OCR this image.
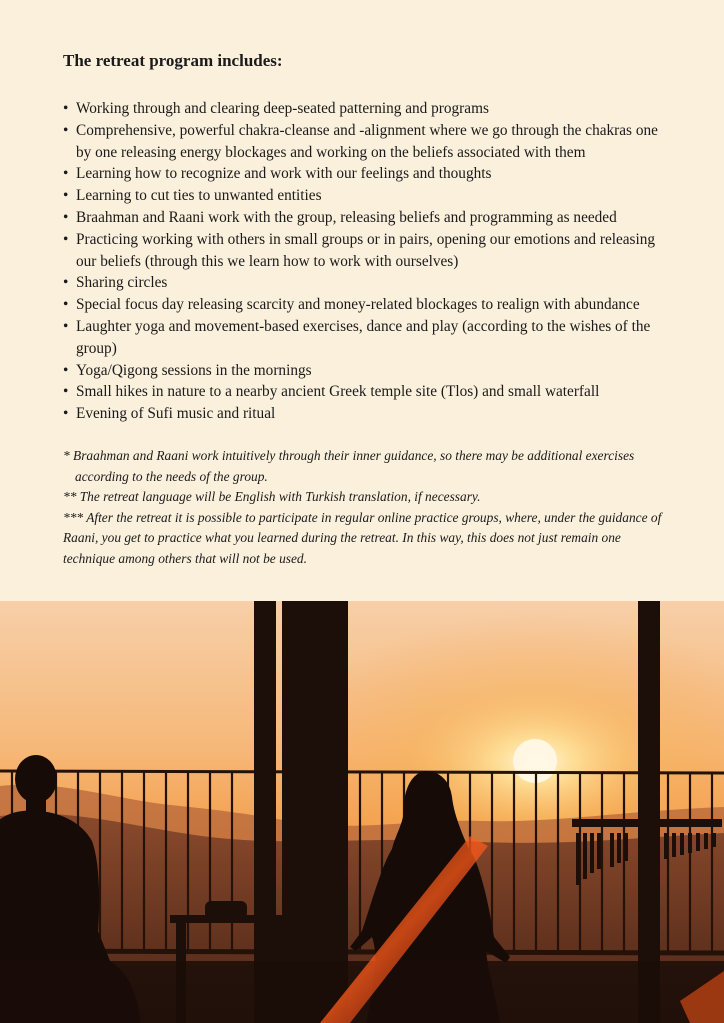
The retreat program includes:
• Working through and clearing deep-seated patterning and programs
• Comprehensive, powerful chakra-cleanse and -alignment where we go through the chakras one by one releasing energy blockages and working on the beliefs associated with them
• Learning how to recognize and work with our feelings and thoughts
• Learning to cut ties to unwanted entities
• Braahman and Raani work with the group, releasing beliefs and programming as needed
• Practicing working with others in small groups or in pairs, opening our emotions and releasing our beliefs (through this we learn how to work with ourselves)
• Sharing circles
• Special focus day releasing scarcity and money-related blockages to realign with abundance
• Laughter yoga and movement-based exercises, dance and play (according to the wishes of the group)
• Yoga/Qigong sessions in the mornings
• Small hikes in nature to a nearby ancient Greek temple site (Tlos) and small waterfall
• Evening of Sufi music and ritual

* Braahman and Raani work intuitively through their inner guidance, so there may be additional exercises according to the needs of the group.

** The retreat language will be English with Turkish translation, if necessary.

*** After the retreat it is possible to participate in regular online practice groups, where, under the guidance of Raani, you get to practice what you learned during the retreat. In this way, this does not just remain one technique among others that will not be used.
